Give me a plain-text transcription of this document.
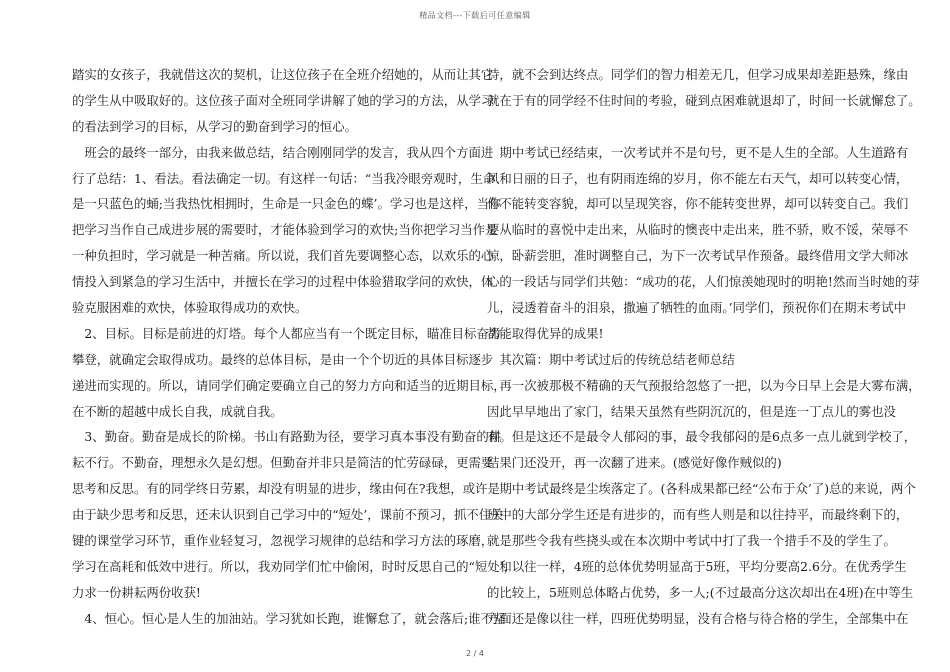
精品文档---下载后可任意编辑
踏实的女孩子，我就借这次的契机，让这位孩子在全班介绍她的，从而让其它
的学生从中吸取好的。这位孩子面对全班同学讲解了她的学习的方法，从学习
的看法到学习的目标，从学习的勤奋到学习的恒心。
　班会的最终一部分，由我来做总结，结合刚刚同学的发言，我从四个方面进
行了总结：1、看法。看法确定一切。有这样一句话：“当我冷眼旁观时，生命
是一只蓝色的蛹;当我热忱相拥时，生命是一只金色的蝶’。学习也是这样，当你
把学习当作自己成进步展的需要时，才能体验到学习的欢快;当你把学习当作是
一种负担时，学习就是一种苦痛。所以说，我们首先要调整心态，以欢乐的心
情投入到紧急的学习生活中，并擅长在学习的过程中体验猎取学问的欢快，体
验克服困难的欢快，体验取得成功的欢快。
　2、目标。目标是前进的灯塔。每个人都应当有一个既定目标，瞄准目标奋力
攀登，就确定会取得成功。最终的总体目标，是由一个个切近的具体目标逐步
递进而实现的。所以，请同学们确定要确立自己的努力方向和适当的近期目标，
在不断的超越中成长自我，成就自我。
　3、勤奋。勤奋是成长的阶梯。书山有路勤为径，要学习真本事没有勤奋的耕
耘不行。不勤奋，理想永久是幻想。但勤奋并非只是简洁的忙劳碌碌，更需要
思考和反思。有的同学终日劳累，却没有明显的进步，缘由何在?我想，或许是
由于缺少思考和反思，还未认识到自己学习中的“短处’，课前不预习，抓不住关
键的课堂学习环节，重作业轻复习，忽视学习规律的总结和学习方法的琢磨，
学习在高耗和低效中进行。所以，我劝同学们忙中偷闲，时时反思自己的“短处’，
力求一份耕耘两份收获!
　4、恒心。恒心是人生的加油站。学习犹如长跑，谁懈怠了，就会落后;谁不坚
持，就不会到达终点。同学们的智力相差无几，但学习成果却差距悬殊，缘由
就在于有的同学经不住时间的考验，碰到点困难就退却了，时间一长就懈怠了。
　期中考试已经结束，一次考试并不是句号，更不是人生的全部。人生道路有
风和日丽的日子，也有阴雨连绵的岁月，你不能左右天气，却可以转变心情，
你不能转变容貌，却可以呈现笑容，你不能转变世界，却可以转变自己。我们
要从临时的喜悦中走出来，从临时的懊丧中走出来，胜不骄，败不馁，荣辱不
惊，卧薪尝胆，准时调整自己，为下一次考试早作预备。最终借用文学大师冰
心的一段话与同学们共勉：“成功的花，人们惊羡她现时的明艳!然而当时她的芽
儿，浸透着奋斗的泪泉，撒遍了牺牲的血雨。’同学们，预祝你们在期末考试中
都能取得优异的成果!
　其次篇：期中考试过后的传统总结老师总结
　再一次被那极不精确的天气预报给忽悠了一把，以为今日早上会是大雾布满，
因此早早地出了家门，结果天虽然有些阴沉沉的，但是连一丁点儿的雾也没
有。但是这还不是最令人郁闷的事，最令我郁闷的是6点多一点儿就到学校了，
结果门还没开，再一次翻了进来。(感觉好像作贼似的)
　期中考试最终是尘埃落定了。(各科成果都已经“公布于众’了)总的来说，两个
班中的大部分学生还是有进步的，而有些人则是和以往持平，而最终剩下的，
就是那些令我有些挠头或在本次期中考试中打了我一个措手不及的学生了。
　和以往一样，4班的总体优势明显高于5班，平均分要高2.6分。在优秀学生
的比较上，5班则总体略占优势，多一人;(不过最高分这次却出在4班)在中等生
方面还是像以往一样，四班优势明显，没有合格与待合格的学生，全部集中在
2 / 4
